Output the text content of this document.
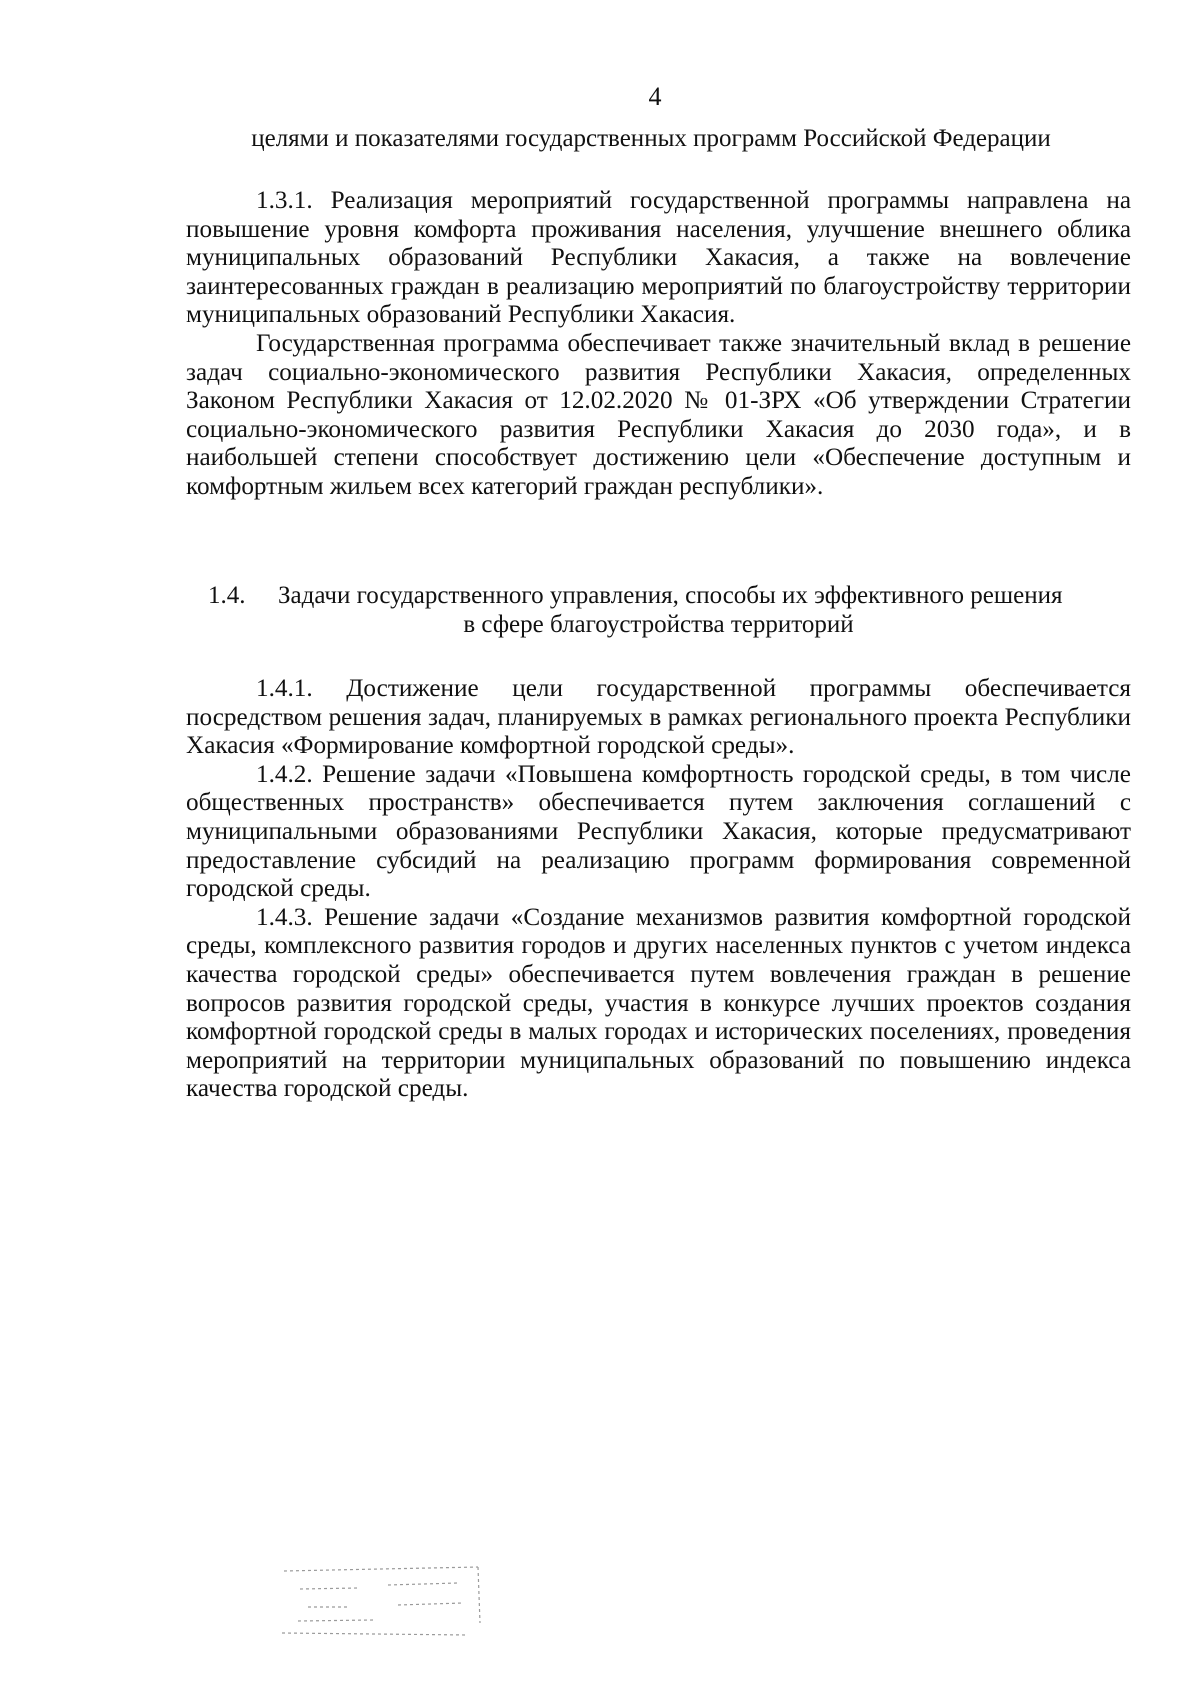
4
целями и показателями государственных программ Российской Федерации

1.3.1. Реализация мероприятий государственной программы направлена на повышение уровня комфорта проживания населения, улучшение внешнего облика муниципальных образований Республики Хакасия, а также на вовлечение заинтересованных граждан в реализацию мероприятий по благоустройству территории муниципальных образований Республики Хакасия.

Государственная программа обеспечивает также значительный вклад в решение задач социально-экономического развития Республики Хакасия, определенных Законом Республики Хакасия от 12.02.2020 № 01-ЗРХ «Об утверждении Стратегии социально-экономического развития Республики Хакасия до 2030 года», и в наибольшей степени способствует достижению цели «Обеспечение доступным и комфортным жильем всех категорий граждан республики».

1.4. Задачи государственного управления, способы их эффективного решения
в сфере благоустройства территорий

1.4.1. Достижение цели государственной программы обеспечивается посредством решения задач, планируемых в рамках регионального проекта Республики Хакасия «Формирование комфортной городской среды».

1.4.2. Решение задачи «Повышена комфортность городской среды, в том числе общественных пространств» обеспечивается путем заключения соглашений с муниципальными образованиями Республики Хакасия, которые предусматривают предоставление субсидий на реализацию программ формирования современной городской среды.

1.4.3. Решение задачи «Создание механизмов развития комфортной городской среды, комплексного развития городов и других населенных пунктов с учетом индекса качества городской среды» обеспечивается путем вовлечения граждан в решение вопросов развития городской среды, участия в конкурсе лучших проектов создания комфортной городской среды в малых городах и исторических поселениях, проведения мероприятий на территории муниципальных образований по повышению индекса качества городской среды.
